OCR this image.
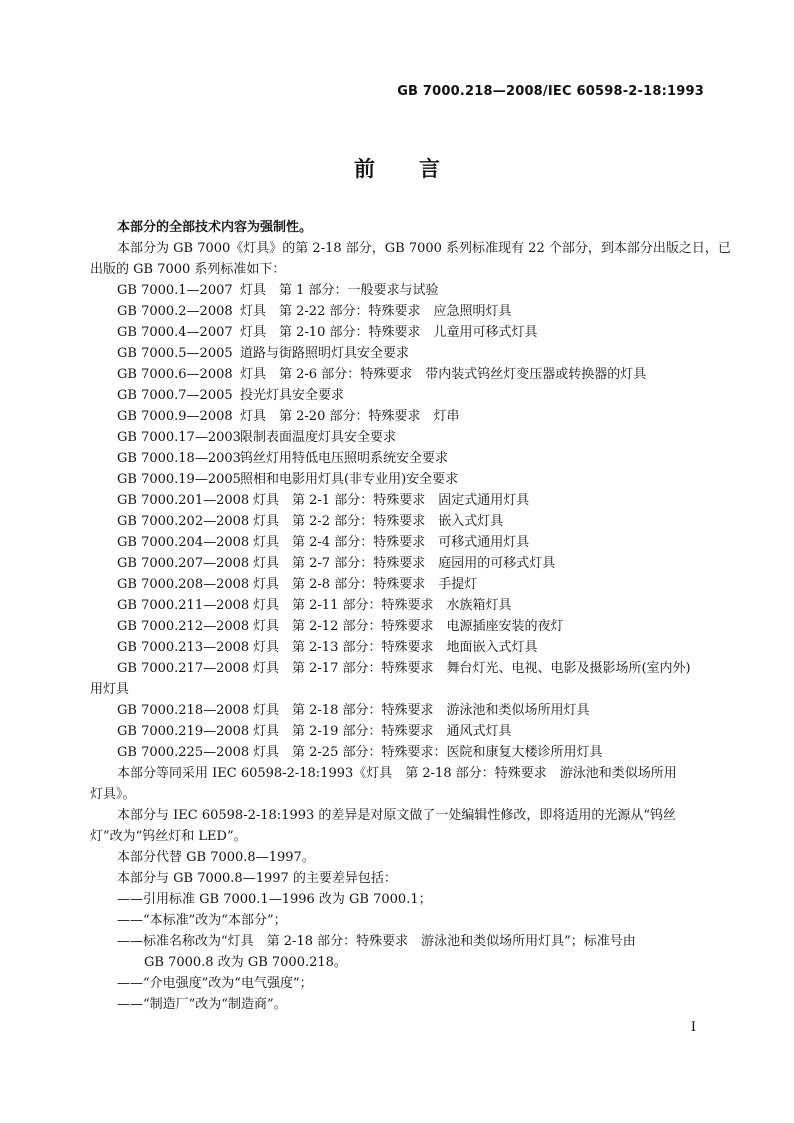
GB 7000.218—2008/IEC 60598-2-18:1993
前言
本部分的全部技术内容为强制性。
本部分为 GB 7000《灯具》的第 2-18 部分，GB 7000 系列标准现有 22 个部分，到本部分出版之日，已
出版的 GB 7000 系列标准如下：
GB 7000.1—2007 灯具　第 1 部分：一般要求与试验
GB 7000.2—2008 灯具　第 2-22 部分：特殊要求　应急照明灯具
GB 7000.4—2007 灯具　第 2-10 部分：特殊要求　儿童用可移式灯具
GB 7000.5—2005 道路与街路照明灯具安全要求
GB 7000.6—2008 灯具　第 2-6 部分：特殊要求　带内装式钨丝灯变压器或转换器的灯具
GB 7000.7—2005 投光灯具安全要求
GB 7000.9—2008 灯具　第 2-20 部分：特殊要求　灯串
GB 7000.17—2003 限制表面温度灯具安全要求
GB 7000.18—2003 钨丝灯用特低电压照明系统安全要求
GB 7000.19—2005 照相和电影用灯具(非专业用)安全要求
GB 7000.201—2008 灯具　第 2-1 部分：特殊要求　固定式通用灯具
GB 7000.202—2008 灯具　第 2-2 部分：特殊要求　嵌入式灯具
GB 7000.204—2008 灯具　第 2-4 部分：特殊要求　可移式通用灯具
GB 7000.207—2008 灯具　第 2-7 部分：特殊要求　庭园用的可移式灯具
GB 7000.208—2008 灯具　第 2-8 部分：特殊要求　手提灯
GB 7000.211—2008 灯具　第 2-11 部分：特殊要求　水族箱灯具
GB 7000.212—2008 灯具　第 2-12 部分：特殊要求　电源插座安装的夜灯
GB 7000.213—2008 灯具　第 2-13 部分：特殊要求　地面嵌入式灯具
GB 7000.217—2008 灯具　第 2-17 部分：特殊要求　舞台灯光、电视、电影及摄影场所(室内外)
用灯具
GB 7000.218—2008 灯具　第 2-18 部分：特殊要求　游泳池和类似场所用灯具
GB 7000.219—2008 灯具　第 2-19 部分：特殊要求　通风式灯具
GB 7000.225—2008 灯具　第 2-25 部分：特殊要求：医院和康复大楼诊所用灯具
本部分等同采用 IEC 60598-2-18:1993《灯具　第 2-18 部分：特殊要求　游泳池和类似场所用
灯具》。
本部分与 IEC 60598-2-18:1993 的差异是对原文做了一处编辑性修改，即将适用的光源从“钨丝
灯”改为“钨丝灯和 LED”。
本部分代替 GB 7000.8—1997。
本部分与 GB 7000.8—1997 的主要差异包括：
——引用标准 GB 7000.1—1996 改为 GB 7000.1；
——“本标准”改为“本部分”；
——标准名称改为“灯具　第 2-18 部分：特殊要求　游泳池和类似场所用灯具”；标准号由
GB 7000.8 改为 GB 7000.218。
——“介电强度”改为“电气强度”；
——“制造厂”改为“制造商”。
I
